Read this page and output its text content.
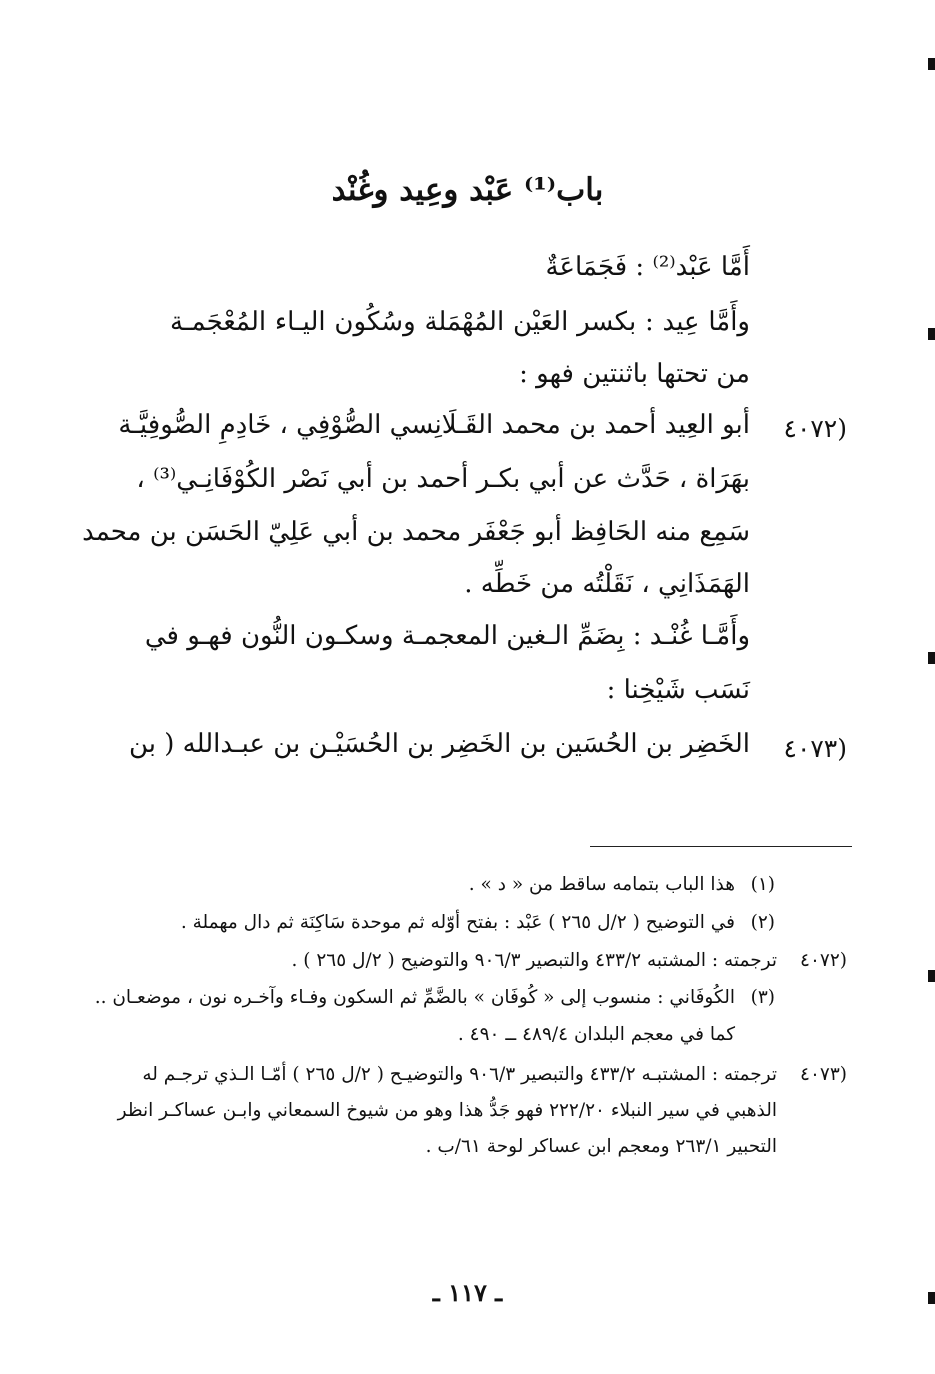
باب⁽¹⁾ عَبْد وعِيد وغُنْد
أَمَّا عَبْد⁽²⁾ : فَجَمَاعَةٌ
وأَمَّا عِيد : بكسر العَيْن المُهْمَلة وسُكُون اليـاء المُعْجَمـة
من تحتها باثنتين فهو :
(٤٠٧٢
أبو العِيد أحمد بن محمد القَـلَانِسي الصُّوْفِي ، خَادِمِ الصُّوفِيَّـة
بهَرَاة ، حَدَّث عن أبي بكـر أحمد بن أبي نَصْر الكُوْفَانِـي⁽³⁾ ،
سَمِع منه الحَافِظ أبو جَعْفَر محمد بن أبي عَلِيّ الحَسَن بن محمد
الهَمَذَانِي ، نَقَلْتُه من خَطِّه .
وأَمَّـا غُنْـد : بِضَمِّ الـغين المعجمـة وسكـون النُّون فهـو في
نَسَب شَيْخِنا :
(٤٠٧٣
الخَضِر بن الحُسَين بن الخَضِر بن الحُسَيْـن بن عبـدالله ( بن
(١)
هذا الباب بتمامه ساقط من « د » .
(٢)
في التوضيح ( ٢/ل ٢٦٥ ) عَبْد : بفتح أوّله ثم موحدة سَاكِنَة ثم دال مهملة .
(٤٠٧٢
ترجمته : المشتبه ٤٣٣/٢ والتبصير ٩٠٦/٣ والتوضيح ( ٢/ل ٢٦٥ ) .
(٣)
الكُوفَاني : منسوب إلى « كُوفَان » بالضَّمِّ ثم السكون وفـاء وآخـره نون ، موضعـان ..
كما في معجم البلدان ٤٨٩/٤ ــ ٤٩٠ .
(٤٠٧٣
ترجمته : المشتبـه ٤٣٣/٢ والتبصير ٩٠٦/٣ والتوضيـح ( ٢/ل ٢٦٥ ) أمّـا الـذي ترجـم له
الذهبي في سير النبلاء ٢٢٢/٢٠ فهو جَدُّ هذا وهو من شيوخ السمعاني وابـن عساكـر انظر
التحبير ٢٦٣/١ ومعجم ابن عساكر لوحة ٦١/ب .
ـ ١١٧ ـ
